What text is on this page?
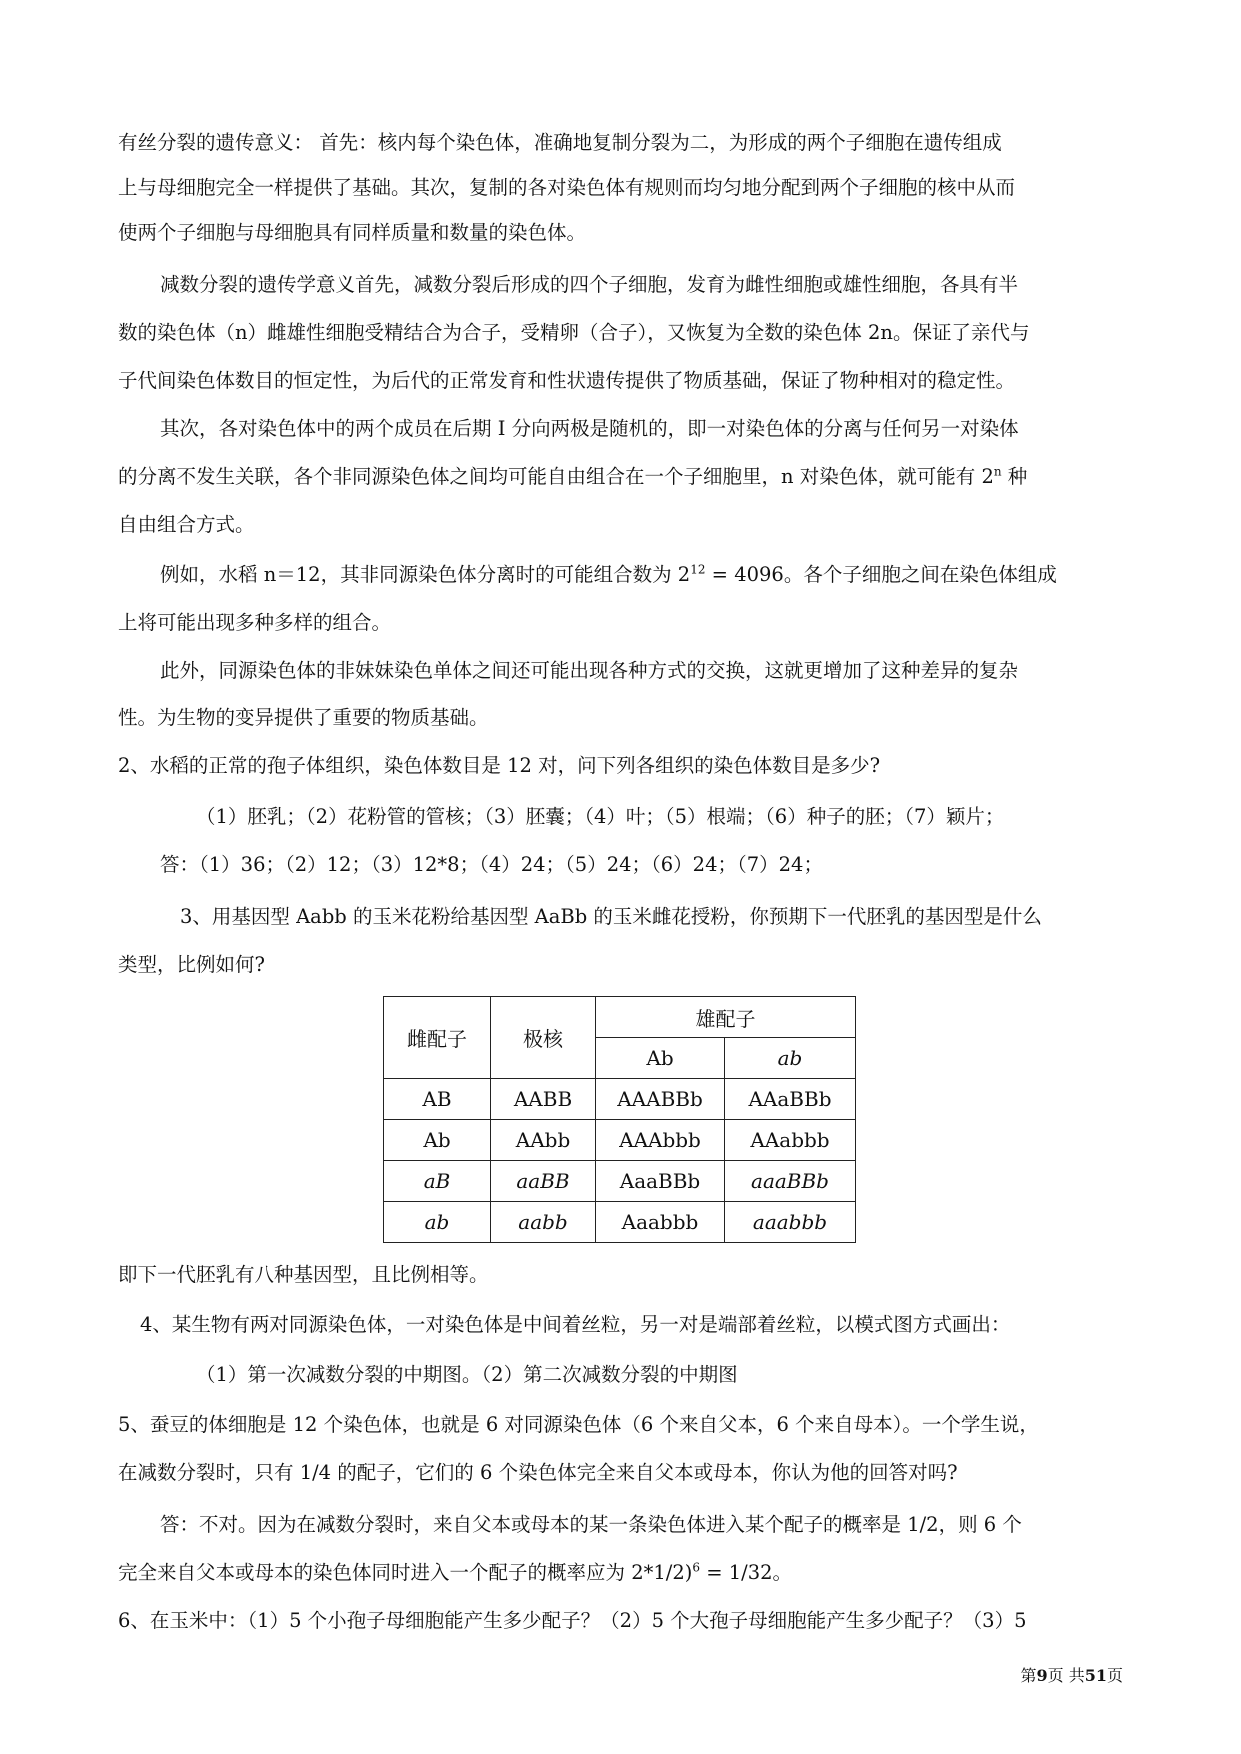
有丝分裂的遗传意义： 首先：核内每个染色体，准确地复制分裂为二，为形成的两个子细胞在遗传组成
上与母细胞完全一样提供了基础。其次，复制的各对染色体有规则而均匀地分配到两个子细胞的核中从而
使两个子细胞与母细胞具有同样质量和数量的染色体。
减数分裂的遗传学意义首先，减数分裂后形成的四个子细胞，发育为雌性细胞或雄性细胞，各具有半
数的染色体（n）雌雄性细胞受精结合为合子，受精卵（合子），又恢复为全数的染色体 2n。保证了亲代与
子代间染色体数目的恒定性，为后代的正常发育和性状遗传提供了物质基础，保证了物种相对的稳定性。
其次，各对染色体中的两个成员在后期 I 分向两极是随机的，即一对染色体的分离与任何另一对染体
的分离不发生关联，各个非同源染色体之间均可能自由组合在一个子细胞里，n 对染色体，就可能有 2$^n$ 种
自由组合方式。
例如，水稻 n＝12，其非同源染色体分离时的可能组合数为 $2^{12} = 4096$。各个子细胞之间在染色体组成
上将可能出现多种多样的组合。
此外，同源染色体的非妹妹染色单体之间还可能出现各种方式的交换，这就更增加了这种差异的复杂
性。为生物的变异提供了重要的物质基础。
2、水稻的正常的孢子体组织，染色体数目是 12 对，问下列各组织的染色体数目是多少?
（1）胚乳；（2）花粉管的管核；（3）胚囊；（4）叶；（5）根端；（6）种子的胚；（7）颖片；
答：（1）36；（2）12；（3）12*8；（4）24；（5）24；（6）24；（7）24；
3、用基因型 Aabb 的玉米花粉给基因型 AaBb 的玉米雌花授粉，你预期下一代胚乳的基因型是什么
类型，比例如何?
雌配子	极核	雄配子	
		Ab	ab
AB	AABB	AAABBb	AAaBBb
Ab	AAbb	AAAbbb	AAabbb
aB	aaBB	AaaBBb	aaaBBb
ab	aabb	Aaabbb	aaabbb
即下一代胚乳有八种基因型，且比例相等。
4、某生物有两对同源染色体，一对染色体是中间着丝粒，另一对是端部着丝粒，以模式图方式画出：
（1）第一次减数分裂的中期图。（2）第二次减数分裂的中期图
5、蚕豆的体细胞是 12 个染色体，也就是 6 对同源染色体（6 个来自父本，6 个来自母本）。一个学生说，
在减数分裂时，只有 1/4 的配子，它们的 6 个染色体完全来自父本或母本，你认为他的回答对吗?
答：不对。因为在减数分裂时，来自父本或母本的某一条染色体进入某个配子的概率是 1/2，则 6 个
完全来自父本或母本的染色体同时进入一个配子的概率应为 2*1/2)$^6$ = 1/32。
6、在玉米中：（1）5 个小孢子母细胞能产生多少配子？（2）5 个大孢子母细胞能产生多少配子？（3）5
第9页 共51页
